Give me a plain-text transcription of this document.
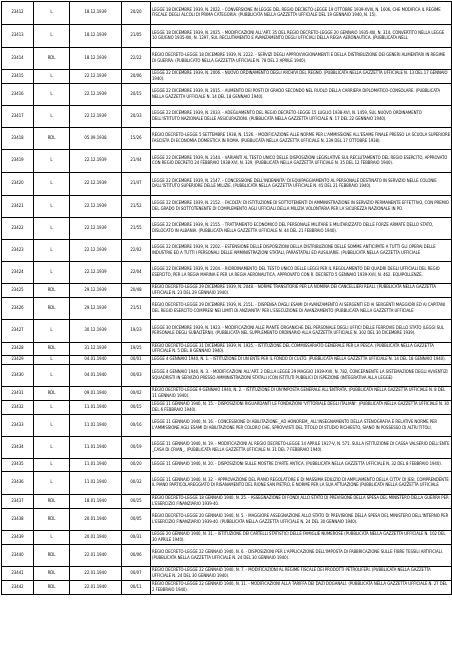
23412	L	18.12.1939	20/20	LEGGE 18 DICEMBRE 1939, N. 2022. - CONVERSIONE IN LEGGE DEL REGIO DECRETO-LEGGE 19 OTTOBRE 1939-XVIII, N. 1606, CHE MODIFICA IL REGIME FISCALE DEGLI ALCOLI DI PRIMA CATEGORIA. (PUBBLICATA NELLA GAZZETTA UFFICIALE DEL 19 GENNAIO 1940, N. 15).
23413	L	18.12.1939	21/05	LEGGE 18 DICEMBRE 1939, N. 2025. - MODIFICAZIONI ALL'ART. 35 DEL REGIO DECRETO-LEGGE 20 GENNAIO 1935-XIII, N. 314, CONVERTITO NELLA LEGGE 10 GIUGNO 1935-XIII, N. 1297, SUL RECLUTAMENTO E AVANZAMENTO DEGLI UFFICIALI DELLA REGIA AERONAUTICA. (PUBBLICATA NELL
23414	RDL	18.12.1939	22/22	REGIO DECRETO-LEGGE 18 DICEMBRE 1939, N. 2222. - SERVIZI DEGLI APPROVVIGIONAMENTI E DELLA DISTRIBUZIONE DEI GENERI ALIMENTARI IN REGIME DI GUERRA. (PUBBLICATO NELLA GAZZETTA UFFICIALE N. 78 DEL 2 APRILE 1940).
23415	L	22.12.1939	20/06	LEGGE 22 DICEMBRE 1939, N. 2006. - NUOVO ORDINAMENTO DEGLI ARCHIVI DEL REGNO. (PUBBLICATA NELLA GAZZETTA UFFICIALE N. 13 DEL 17 GENNAIO 1940).
23416	L	22.12.1939	20/15	LEGGE 22 DICEMBRE 1939, N. 2015. - AUMENTO DEI POSTI DI GRADO SECONDO NEL RUOLO DELLA CARRIERA DIPLOMATICO-CONSOLARE. (PUBBLICATA NELLA GAZZETTA UFFICIALE N. 14 DEL 18 GENNAIO 1940).
23417	L	22.12.1939	20/33	LEGGE 22 DICEMBRE 1939, N. 2033. - ADEGUAMENTO DEL REGIO DECRETO-LEGGE 15 LUGLIO 1938-XVI, N. 1459, SUL NUOVO ORDINAMENTO DELL'ISTITUTO NAZIONALE DELLE ASSICURAZIONI. (PUBBLICATA NELLA GAZZETTA UFFICIALE N. 17 DEL 22 GENNAIO 1940).
23418	RDL	05.09.1938	15/26	REGIO DECRETO-LEGGE 5 SETTEMBRE 1938, N. 1526. - MODIFICAZIONE ALLE NORME PER L'AMMISSIONE ALL'ESAME FINALE PRESSO LA SCUOLA SUPERIORE FASCISTA DI ECONOMIA DOMESTICA IN ROMA. (PUBBLICATA NELLA GAZZETTA UFFICIALE N. 239 DEL 17 OTTOBRE 1938).
23419	L	22.12.1939	21/44	LEGGE 22 DICEMBRE 1939, N. 2144. - VARIANTI AL TESTO UNICO DELLE DISPOSIZIONI LEGISLATIVE SUL RECLUTAMENTO DEL REGIO ESERCITO, APPROVATO CON REGIO DECRETO 24 FEBBRAIO 1938-XVI, N. 329. (PUBBLICATA NELLA GAZZETTA UFFICIALE N. 35 DEL 12 FEBBRAIO 1940).
23420	L	22.12.1939	21/47	LEGGE 22 DICEMBRE 1939, N. 2147. - CONCESSIONE DELL'INDENNITA' DI EQUIPAGGIAMENTO AL PERSONALE DESTINATO IN SERVIZIO NELLE COLONIE DALL'ISTITUTO SUPERIORE DELLE MILIZIE. (PUBBLICATA NELLA GAZZETTA UFFICIALE N. 45 DEL 21 FEBBRAIO 1940).
23421	L	22.12.1939	21/52	LEGGE 22 DICEMBRE 1939, N. 2152. - FACOLTA' DI ISTITUZIONE DI SOTTOTENENTI DI AMMINISTRAZIONE IN SERVIZIO PERMANENTE EFFETTIVO, CON PREMIO DEL GRADO DI SOTTOTENENTE DI COMPLEMENTO AGLI UFFICIALI DELLA MILIZIA VOLONTARIA PER LA SICUREZZA NAZIONALE IN PO.
23422	L	22.12.1939	21/55	LEGGE 22 DICEMBRE 1939, N. 2155. - TRATTAMENTO ECONOMICO DEL PERSONALE MILITARE E MILITARIZZATO DELLE FORZE ARMATE DELLO STATO, DISLOCATO IN ALBANIA. (PUBBLICATA NELLA GAZZETTA UFFICIALE N. 44 DEL 21 FEBBRAIO 1940).
23423	L	22.12.1939	22/02	LEGGE 22 DICEMBRE 1939, N. 2202. - ESTENSIONE DELLE DISPOSIZIONI DELLA DISTRIBUZIONE DELLE SOMME ANTICIPATE A TUTTI GLI OPERAI DELLE INDUSTRIE ED A TUTTI I PERSONALI DELLE AMMINISTRAZIONI STATALI, PARASTATALI ED AUSILIARIE. (PUBBLICATA NELLA GAZZETTA UFFICIALE
23424	L	22.12.1939	22/04	LEGGE 22 DICEMBRE 1939, N. 2204. - RIORDINAMENTO DEL TESTO UNICO DELLE LEGGI PER IL REGOLAMENTO DEI QUADRI DEGLI UFFICIALI DEL REGIO ESERCITO, PER LA REGIA MARINA E PER LA REGIA AERONAUTICA, APPROVATO CON R. DECRETO 5 GENNAIO 1939-XVII, N. 462. EQUIPOLLENZE.
23425	RDL	29.12.1939	20/48	REGIO DECRETO-LEGGE 29 DICEMBRE 1939, N. 2048. - NORME TRANSITORIE PER LA NOMINA DEI CANCELLIERI REALI. (PUBBLICATA NELLA GAZZETTA UFFICIALE N. 23 DEL 29 GENNAIO 1940).
23426	RDL	29.12.1939	21/51	REGIO DECRETO-LEGGE 29 DICEMBRE 1939, N. 2151. - DISPENSA DAGLI ESAMI DI AVANZAMENTO AI SERGENTI ED AI SERGENTI MAGGIORI ED AI CAPITANI DEL REGIO ESERCITO COMPRESI NEI LIMITI DI ANZIANITA' PER L'ESECUZIONE DI AVANZAMENTO (PUBBLICATA NELLA GAZZETTA UFFICIALE
23427	L	30.12.1939	19/23	LEGGE 30 DICEMBRE 1939, N. 1923. - MODIFICAZIONI ALLE PIANTE ORGANICHE DEL PERSONALE DEGLI UFFICI DELLE FERROVIE DELLO STATO (LEGGI SUL PERSONALE DEGLI SUBALTERNI). (PUBBLICATA NEL SUPPLEMENTO ORDINARIO ALLA GAZZETTA UFFICIALE N. 302 DEL 30 DICEMBRE 1939).
23428	RDL	31.12.1939	19/25	REGIO DECRETO-LEGGE 31 DICEMBRE 1939, N. 1925. - ISTITUZIONE DEL COMMISSARIATO GENERALE PER LA PESCA. (PUBBLICATA NELLA GAZZETTA UFFICIALE N. 5 DEL 8 GENNAIO 1940).
23429	L	04.01.1940	00/01	LEGGE 4 GENNAIO 1940, N. 1. - ISTITUZIONE DI UN ENTE PER IL FONDO DI CULTO. (PUBBLICATA NELLA GAZZETTA UFFICIALE N. 14 DEL 18 GENNAIO 1940).
23430	L	04.01.1940	00/03	LEGGE 4 GENNAIO 1940, N. 3. - MODIFICAZIONI ALL'ART. 2 DELLA LEGGE 29 MAGGIO 1939-XVII, N. 782, CONCERNENTE LA SISTEMAZIONE DEGLI AVVENTIZI SQUADRISTI IN SERVIZIO PRESSO AMMINISTRAZIONI STATALI (CON ISTITUTI PUBBLICI DI ISPEZIONE (INTEGRATIVA ALLA LEGGE)
23431	RDL	09.01.1940	00/02	REGIO DECRETO-LEGGE 9 GENNAIO 1940, N. 2. - ISTITUZIONE DI UN'IMPOSTA GENERALE ALL'ENTRATA. (PUBBLICATA NELLA GAZZETTA UFFICIALE N. 8 DEL 11 GENNAIO 1940).
23432	L	11.01.1940	00/15	LEGGE 11 GENNAIO 1940, N. 15. - DISPOSIZIONI RIGUARDANTI LE FONDAZIONI 'VITTORIALE DEGLI ITALIANI'. (PUBBLICATA NELLA GAZZETTA UFFICIALE N. 30 DEL 6 FEBBRAIO 1940).
23433	L	11.01.1940	00/16	LEGGE 11 GENNAIO 1940, N. 16. - CONCESSIONE DI ABILITAZIONE _AD HONOREM_ ALL'INSEGNAMENTO DELLA STENOGRAFIA E RELATIVE NORME PER L'AMMISSIONE AGLI ESAMI DI ABILITAZIONE PER COLORO CHE, SPROVVISTI DEL TITOLO DI STUDIO RICHIESTO, SIANO IN POSSESSO DI ALTRI TITOLI.
23434	L	11.01.1940	00/19	LEGGE 11 GENNAIO 1940, N. 19. - MODIFICAZIONI AL REGIO DECRETO-LEGGE 14 APRILE 1927-V, N. 571, SULLA ISTITUZIONE DI CASSA VALSERIO DELL'ENTE _CASA DI CRIAN_. (PUBBLICATA NELLA GAZZETTA UFFICIALE N. 31 DEL 7 FEBBRAIO 1940).
23435	L	11.01.1940	00/20	LEGGE 11 GENNAIO 1940, N. 20. - DISPOSIZIONI SULLE MOSTRE D'ARTE ANTICA. (PUBBLICATA NELLA GAZZETTA UFFICIALE N. 32 DEL 8 FEBBRAIO 1940).
23436	L	11.01.1940	00/32	LEGGE 11 GENNAIO 1940, N. 32. - APPROVAZIONE DEL PIANO REGOLATORE E DI MASSIMA EDILIZIO DI AMPLIAMENTO DELLA CITTA' DI JESI, COMPRENDENTE IL PIANO PARTICOLAREGGIATO DI RISANAMENTO DEL RIONE SAN PIETRO, E NORME PER LA SUA ATTUAZIONE (PUBBLICATA NELLA GAZZETTA UFFICIALE
23437	RDL	18.01.1940	00/25	REGIO DECRETO-LEGGE 18 GENNAIO 1940, N. 25. - ASSEGNAZIONE DI FONDI ALLO STATO DI PREVISIONE DELLA SPESA DEL MINISTERO DELLA GUERRA PER L'ESERCIZIO FINANZIARIO 1939-40.
23438	RDL	20.01.1940	00/05	REGIO DECRETO-LEGGE 20 GENNAIO 1940, N. 5. - MAGGIORE ASSEGNAZIONE ALLO STATO DI PREVISIONE DELLA SPESA DEL MINISTERO DELL'INTERNO PER L'ESERCIZIO FINANZIARIO 1939-40. (PUBBLICATA NELLA GAZZETTA UFFICIALE N. 24 DEL 30 GENNAIO 1940).
23439	L	20.01.1940	00/31	LEGGE 20 GENNAIO 1940, N. 31. - ISTITUZIONE DEI CARTELLI STATISTICI DELLE FAMIGLIE NUMEROSE (PUBBLICATA NELLA GAZZETTA UFFICIALE N. 102 DEL 30 APRILE 1940).
23440	RDL	22.01.1940	00/06	REGIO DECRETO-LEGGE 22 GENNAIO 1940, N. 6. - DISPOSIZIONI PER L'APPLICAZIONE DELL'IMPOSTA DI FABBRICAZIONE SULLE FIBRE TESSILI ARTIFICIALI. (PUBBLICATA NELLA GAZZETTA UFFICIALE N. 24 DEL 30 GENNAIO 1940).
23441	RDL	22.01.1940	00/07	REGIO DECRETO-LEGGE 22 GENNAIO 1940, N. 7. - MODIFICAZIONI AL REGIME FISCALE DEI PRODOTTI PETROLIFERI. (PUBBLICATA NELLA GAZZETTA UFFICIALE N. 24 DEL 30 GENNAIO 1940).
23442	RDL	22.01.1940	00/11	REGIO DECRETO-LEGGE 22 GENNAIO 1940, N. 11. - MODIFICAZIONI ALLA TARIFFA DEI DAZI DOGANALI. (PUBBLICATA NELLA GAZZETTA UFFICIALE N. 27 DEL 2 FEBBRAIO 1940).
